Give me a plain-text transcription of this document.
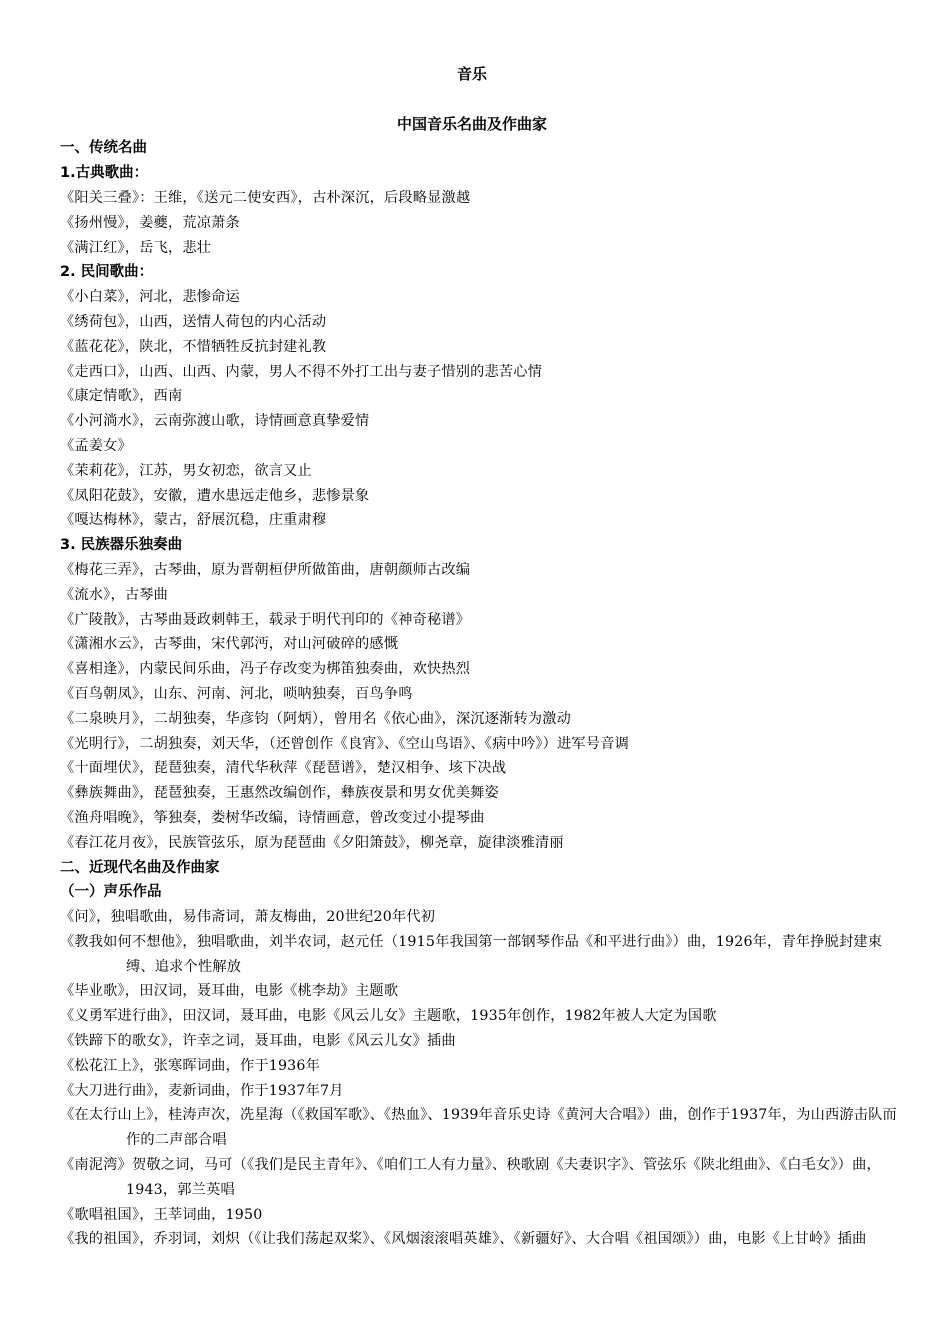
音乐
中国音乐名曲及作曲家
一、传统名曲
1.古典歌曲：
《阳关三叠》：王维，《送元二使安西》，古朴深沉，后段略显激越
《扬州慢》，姜夔，荒凉萧条
《满江红》，岳飞，悲壮
2. 民间歌曲：
《小白菜》，河北，悲惨命运
《绣荷包》，山西，送情人荷包的内心活动
《蓝花花》，陕北，不惜牺牲反抗封建礼教
《走西口》，山西、山西、内蒙，男人不得不外打工出与妻子惜别的悲苦心情
《康定情歌》，西南
《小河淌水》，云南弥渡山歌，诗情画意真挚爱情
《孟姜女》
《茉莉花》，江苏，男女初恋，欲言又止
《凤阳花鼓》，安徽，遭水患远走他乡，悲惨景象
《嘎达梅林》，蒙古，舒展沉稳，庄重肃穆
3. 民族器乐独奏曲
《梅花三弄》，古琴曲，原为晋朝桓伊所做笛曲，唐朝颜师古改编
《流水》，古琴曲
《广陵散》，古琴曲聂政刺韩王，载录于明代刊印的《神奇秘谱》
《潇湘水云》，古琴曲，宋代郭沔，对山河破碎的感慨
《喜相逢》，内蒙民间乐曲，冯子存改变为梆笛独奏曲，欢快热烈
《百鸟朝凤》，山东、河南、河北，唢呐独奏，百鸟争鸣
《二泉映月》，二胡独奏，华彦钧（阿炳），曾用名《依心曲》，深沉逐渐转为激动
《光明行》，二胡独奏，刘天华，（还曾创作《良宵》、《空山鸟语》、《病中吟》）进军号音调
《十面埋伏》，琵琶独奏，清代华秋萍《琵琶谱》，楚汉相争、垓下决战
《彝族舞曲》，琵琶独奏，王惠然改编创作，彝族夜景和男女优美舞姿
《渔舟唱晚》，筝独奏，娄树华改编，诗情画意，曾改变过小提琴曲
《春江花月夜》，民族管弦乐，原为琵琶曲《夕阳箫鼓》，柳尧章，旋律淡雅清丽
二、近现代名曲及作曲家
（一）声乐作品
《问》，独唱歌曲，易伟斋词，萧友梅曲，20世纪20年代初
《教我如何不想他》，独唱歌曲，刘半农词，赵元任（1915年我国第一部钢琴作品《和平进行曲》）曲，1926年，青年挣脱封建束缚、追求个性解放
《毕业歌》，田汉词，聂耳曲，电影《桃李劫》主题歌
《义勇军进行曲》，田汉词，聂耳曲，电影《风云儿女》主题歌，1935年创作，1982年被人大定为国歌
《铁蹄下的歌女》，许幸之词，聂耳曲，电影《风云儿女》插曲
《松花江上》，张寒晖词曲，作于1936年
《大刀进行曲》，麦新词曲，作于1937年7月
《在太行山上》，桂涛声次，冼星海（《救国军歌》、《热血》、1939年音乐史诗《黄河大合唱》）曲，创作于1937年，为山西游击队而作的二声部合唱
《南泥湾》贺敬之词，马可（《我们是民主青年》、《咱们工人有力量》、秧歌剧《夫妻识字》、管弦乐《陕北组曲》、《白毛女》）曲，1943，郭兰英唱
《歌唱祖国》，王莘词曲，1950
《我的祖国》，乔羽词，刘炽（《让我们荡起双桨》、《风烟滚滚唱英雄》、《新疆好》、大合唱《祖国颂》）曲，电影《上甘岭》插曲
